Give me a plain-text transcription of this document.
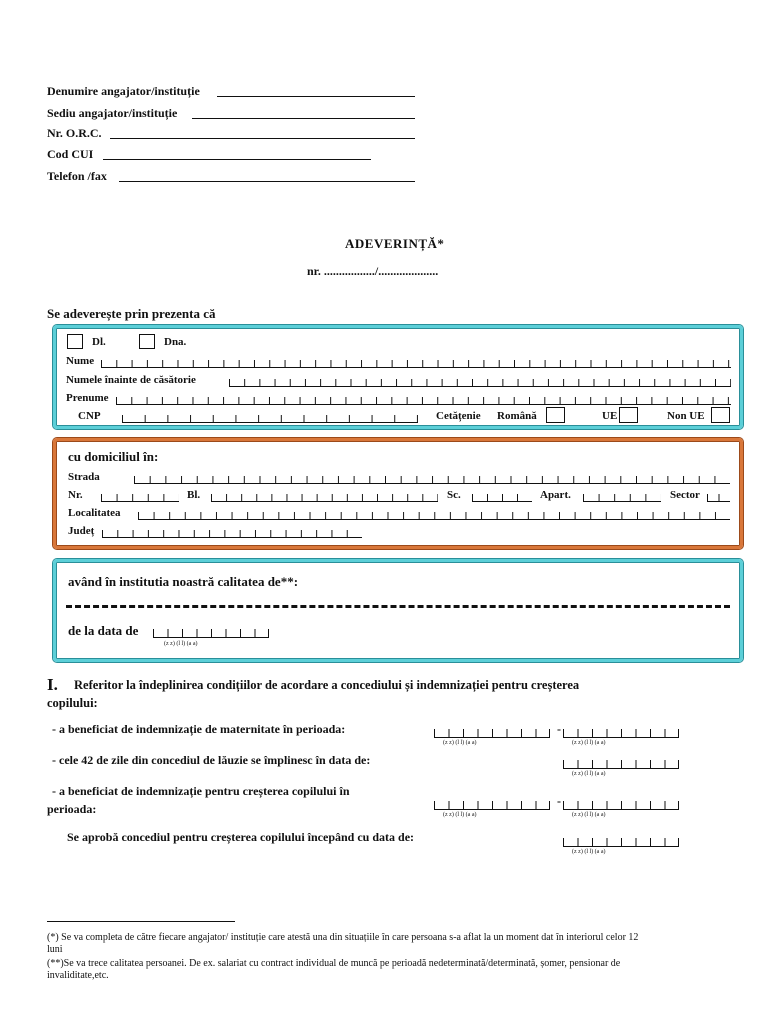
Denumire angajator/instituție
Sediu angajator/instituție
Nr. O.R.C.
Cod CUI
Telefon /fax
ADEVERINȚĂ*
nr. ................./....................
Se adeverește prin prezenta că
Dl.	Dna.
Nume
Numele înainte de căsătorie
Prenume
CNP	Cetățenie Română	UE	Non UE
cu domiciliul în:
Strada
Nr.	Bl.	Sc.	Apart.	Sector
Localitatea
Județ
având în institutia noastră calitatea de**:
de la data de
(z z) (l l) (a a)
I. Referitor la îndeplinirea condițiilor de acordare a concediului și indemnizației pentru creșterea
copilului:
- a beneficiat de indemnizație de maternitate în perioada:
(z z) (l l) (a a)
-
(z z) (l l) (a a)
- cele 42 de zile din concediul de lăuzie se împlinesc în data de:
(z z) (l l) (a a)
- a beneficiat de indemnizație pentru creșterea copilului în
perioada:	(z z) (l l) (a a)
-
(z z) (l l) (a a)
Se aprobă concediul pentru creșterea copilului începând cu data de:
(z z) (l l) (a a)
(*) Se va completa de către fiecare angajator/ instituție care atestă una din situațiile în care persoana s-a aflat la un moment dat în interiorul celor 12
luni
(**)Se va trece calitatea persoanei. De ex. salariat cu contract individual de muncă pe perioadă nedeterminată/determinată, șomer, pensionar de
invaliditate,etc.
